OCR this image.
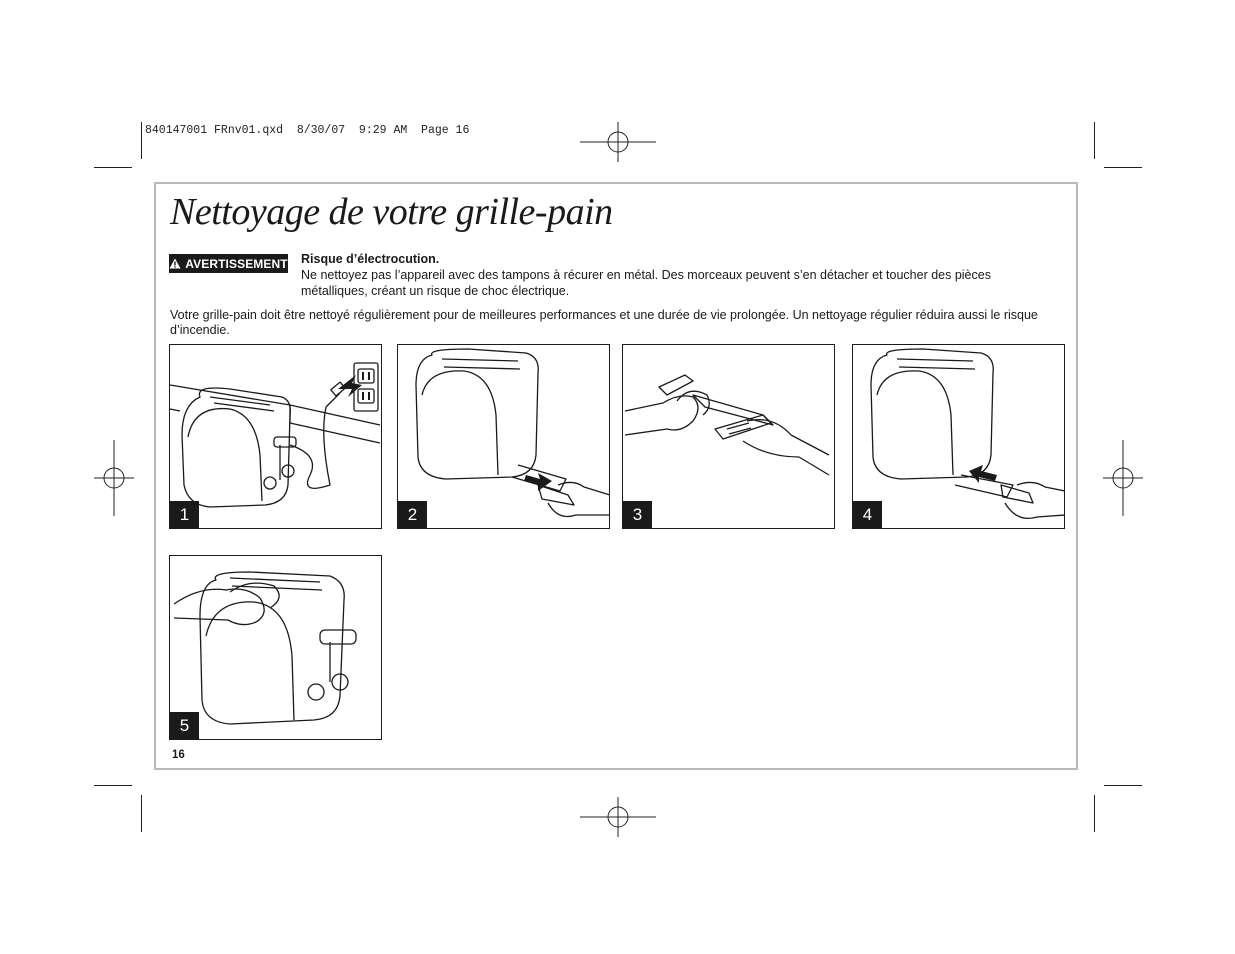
840147001 FRnv01.qxd  8/30/07  9:29 AM  Page 16
Nettoyage de votre grille-pain
AVERTISSEMENT Risque d’électrocution.

Ne nettoyez pas l’appareil avec des tampons à récurer en métal. Des morceaux peuvent s’en détacher et toucher des pièces métalliques, créant un risque de choc électrique.

Votre grille-pain doit être nettoyé régulièrement pour de meilleures performances et une durée de vie prolongée. Un nettoyage régulier réduira aussi le risque d’incendie.

1	2	3	4
5
16
